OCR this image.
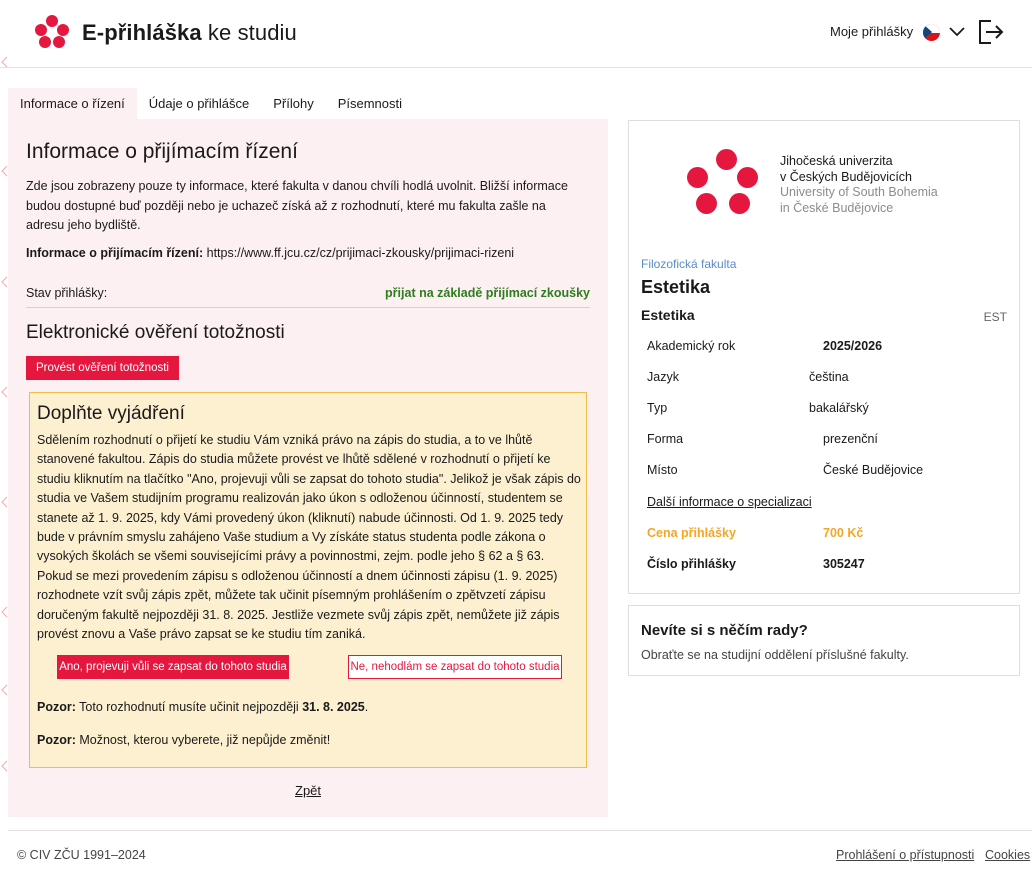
E-přihláška ke studiu	Moje přihlášky
Informace o řízení	Údaje o přihlášce	Přílohy	Písemnosti
Informace o přijímacím řízení

Zde jsou zobrazeny pouze ty informace, které fakulta v danou chvíli hodlá uvolnit. Bližší informace budou dostupné buď později nebo je uchazeč získá až z rozhodnutí, které mu fakulta zašle na adresu jeho bydliště.

Informace o přijímacím řízení: https://www.ff.jcu.cz/cz/prijimaci-zkousky/prijimaci-rizeni

Stav přihlášky:	přijat na základě přijímací zkoušky
Elektronické ověření totožnosti
Provést ověření totožnosti
Doplňte vyjádření

Sdělením rozhodnutí o přijetí ke studiu Vám vzniká právo na zápis do studia, a to ve lhůtě stanovené fakultou. Zápis do studia můžete provést ve lhůtě sdělené v rozhodnutí o přijetí ke studiu kliknutím na tlačítko "Ano, projevuji vůli se zapsat do tohoto studia". Jelikož je však zápis do studia ve Vašem studijním programu realizován jako úkon s odloženou účinností, studentem se stanete až 1. 9. 2025, kdy Vámi provedený úkon (kliknutí) nabude účinnosti. Od 1. 9. 2025 tedy bude v právním smyslu zahájeno Vaše studium a Vy získáte status studenta podle zákona o vysokých školách se všemi souvisejícími právy a povinnostmi, zejm. podle jeho § 62 a § 63. Pokud se mezi provedením zápisu s odloženou účinností a dnem účinnosti zápisu (1. 9. 2025) rozhodnete vzít svůj zápis zpět, můžete tak učinit písemným prohlášením o zpětvzetí zápisu doručeným fakultě nejpozději 31. 8. 2025. Jestliže vezmete svůj zápis zpět, nemůžete již zápis provést znovu a Vaše právo zapsat se ke studiu tím zaniká.

Ano, projevuji vůli se zapsat do tohoto studia	Ne, nehodlám se zapsat do tohoto studia

Pozor: Toto rozhodnutí musíte učinit nejpozději 31. 8. 2025.

Pozor: Možnost, kterou vyberete, již nepůjde změnit!

Zpět
Jihočeská univerzita
v Českých Budějovicích
University of South Bohemia
in České Budějovice
Filozofická fakulta
Estetika
Estetika	EST
Akademický rok	2025/2026
Jazyk	čeština
Typ	bakalářský
Forma	prezenční
Místo	České Budějovice
Další informace o specializaci
Cena přihlášky	700 Kč
Číslo přihlášky	305247
Nevíte si s něčím rady?
Obraťte se na studijní oddělení příslušné fakulty.
© CIV ZČU 1991–2024	Prohlášení o přístupnosti Cookies
